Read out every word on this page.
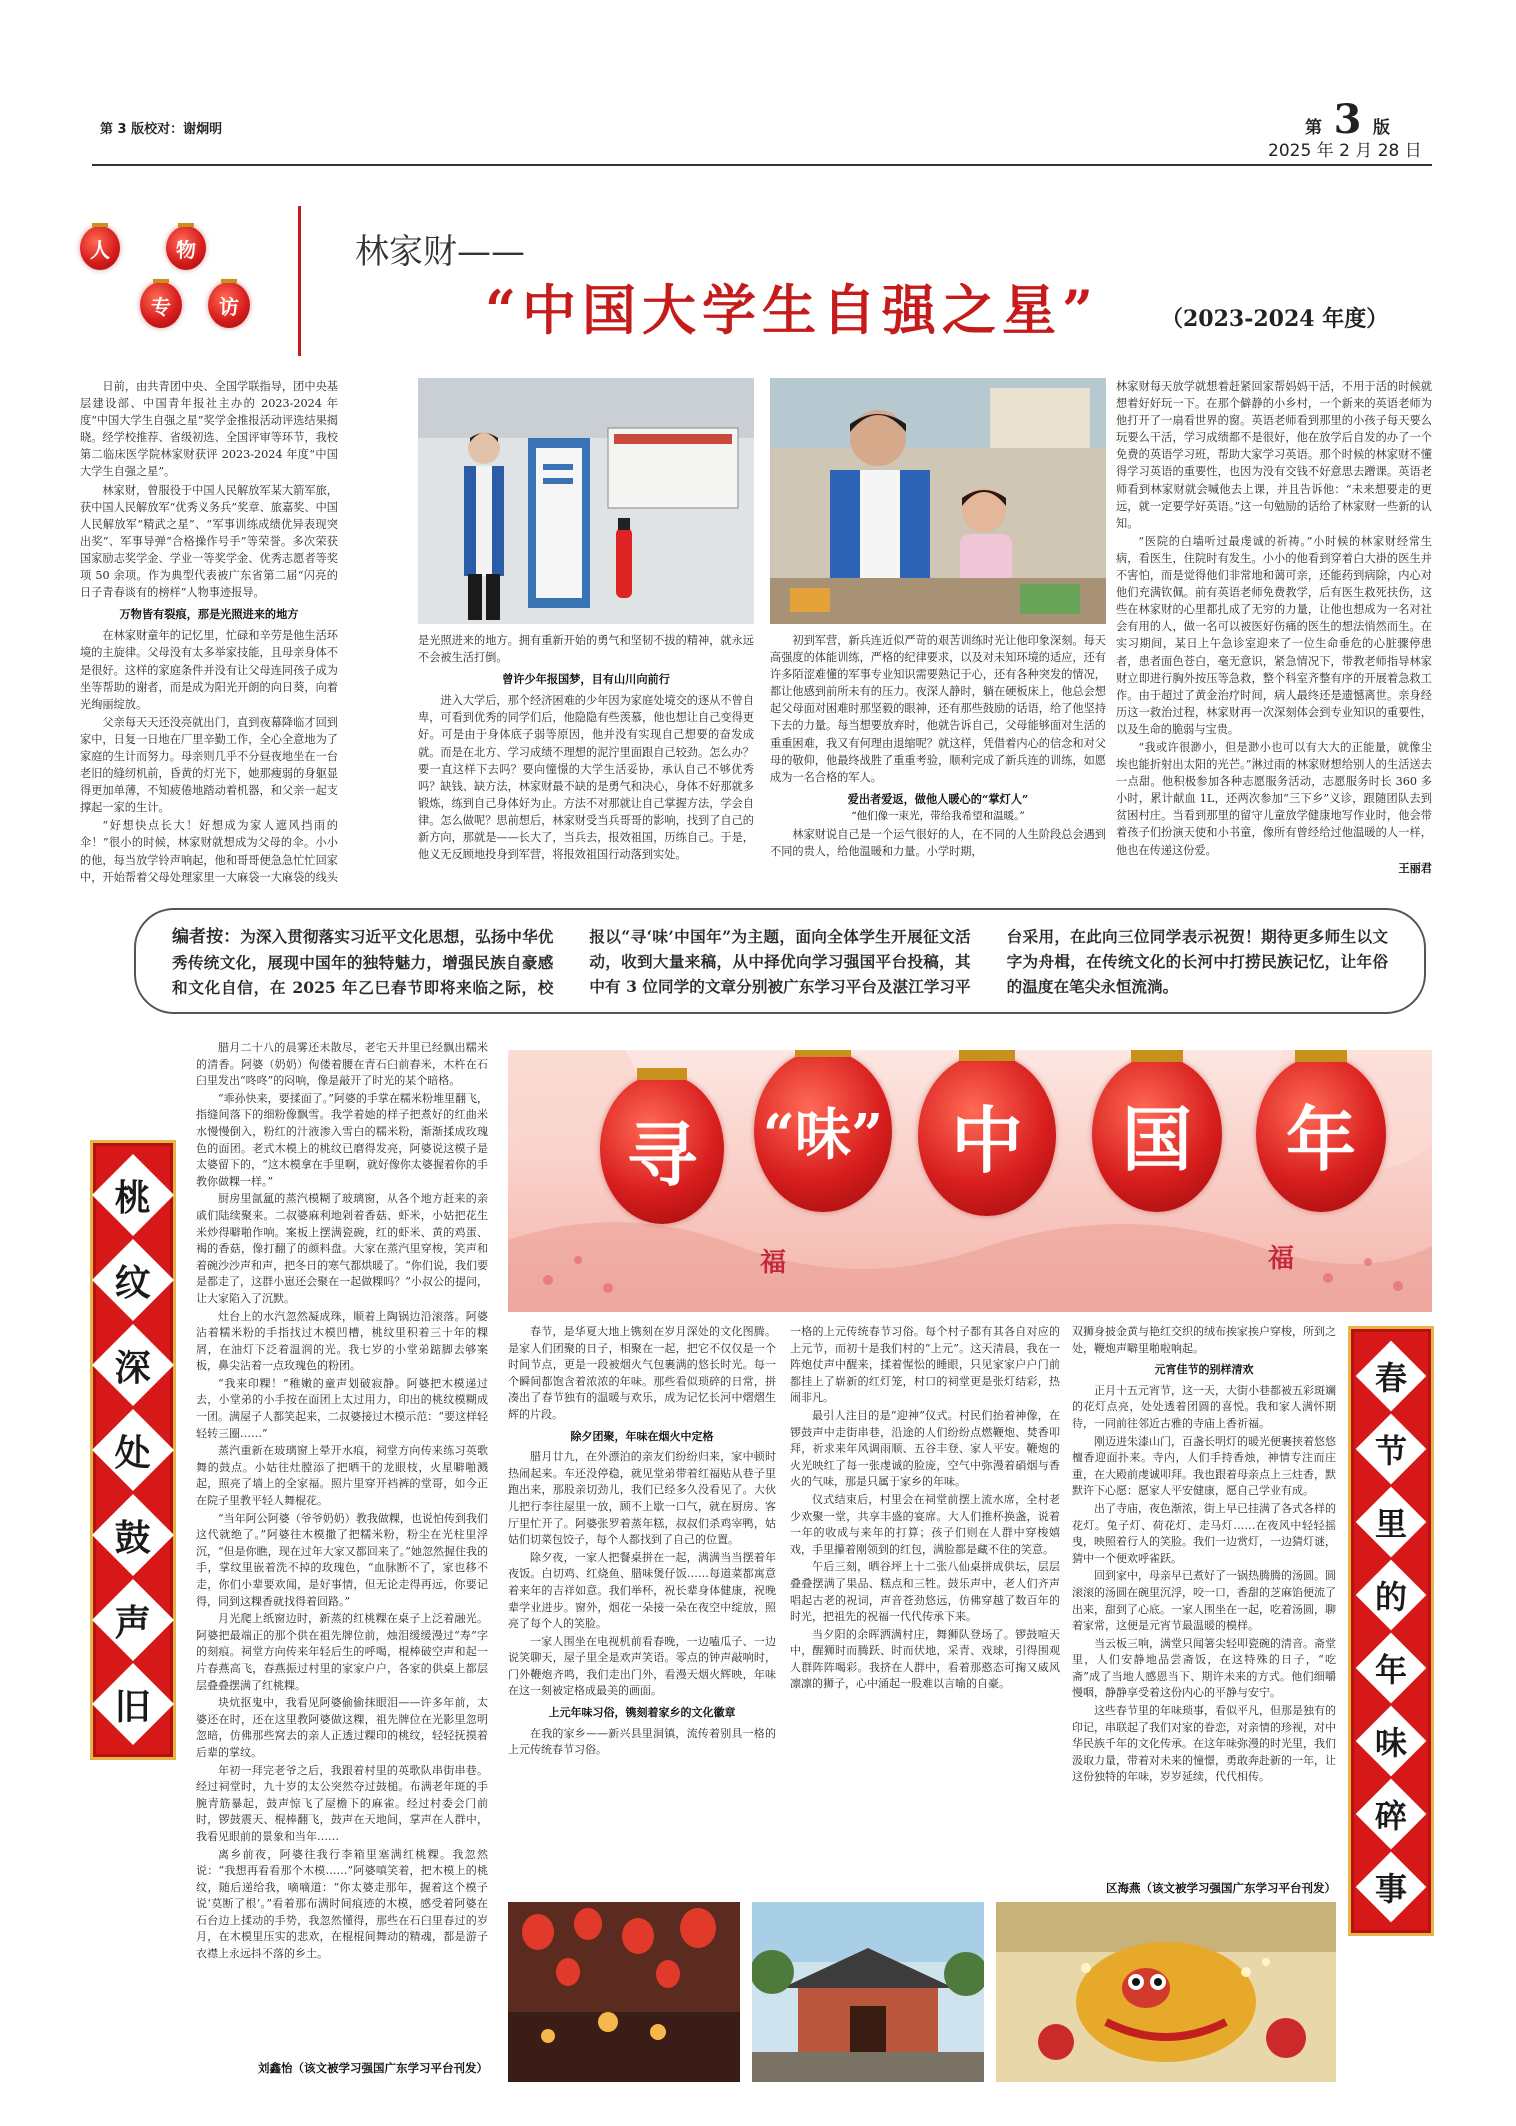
第 3 版校对：谢炯明	第 3 版
2025 年 2 月 28 日
人	物
专	访
林家财——
“中国大学生自强之星”	（2023-2024 年度）

日前，由共青团中央、全国学联指导，团中央基层建设部、中国青年报社主办的 2023-2024 年度“中国大学生自强之星”奖学金推报活动评选结果揭晓。经学校推荐、省级初选、全国评审等环节，我校第二临床医学院林家财获评 2023-2024 年度“中国大学生自强之星”。

林家财，曾服役于中国人民解放军某大箭军旅，获中国人民解放军“优秀义务兵”奖章、旅嘉奖、中国人民解放军“精武之星”、“军事训练成绩优异表现突出奖”、军事导弹“合格操作号手”等荣誉。多次荣获国家励志奖学金、学业一等奖学金、优秀志愿者等奖项 50 余项。作为典型代表被广东省第二届“闪亮的日子青春谈有的榜样”人物事迹报导。

万物皆有裂痕，那是光照进来的地方

在林家财童年的记忆里，忙碌和辛劳是他生活环境的主旋律。父母没有太多举家技能，且母亲身体不是很好。这样的家庭条件并没有让父母连同孩子成为坐等帮助的谢者，而是成为阳光开朗的向日葵，向着光绚丽绽放。

父亲每天天还没亮就出门，直到夜幕降临才回到家中，日复一日地在厂里辛勤工作，全心全意地为了家庭的生计而努力。母亲则几乎不分昼夜地坐在一台老旧的缝纫机前，昏黄的灯光下，她那瘦弱的身躯显得更加单薄，不知疲倦地踏动着机器，和父亲一起支撑起一家的生计。

“好想快点长大！好想成为家人遮风挡雨的伞！”很小的时候，林家财就想成为父母的伞。小小的他，每当放学铃声响起，他和哥哥便急急忙忙回家中，开始帮着父母处理家里一大麻袋一大麻袋的线头

是光照进来的地方。拥有重新开始的勇气和坚韧不拔的精神，就永远不会被生活打倒。

曾许少年报国梦，目有山川向前行

进入大学后，那个经济困难的少年因为家庭处境交的逐从不曾自卑，可看到优秀的同学们后，他隐隐有些羡慕，他也想让自己变得更好。可是由于身体底子弱等原因，他并没有实现自己想要的奋发成就。而是在北方、学习成绩不理想的泥泞里面跟自己较劲。怎么办？要一直这样下去吗？要向憧憬的大学生活妥协，承认自己不够优秀吗？缺钱、缺方法，林家财最不缺的是勇气和决心，身体不好那就多锻炼，练到自己身体好为止。方法不对那就让自己掌握方法，学会自律。怎么做呢？思前想后，林家财受当兵哥哥的影响，找到了自己的新方向，那就是——长大了，当兵去，报效祖国，历练自己。于是，他义无反顾地投身到军营，将报效祖国行动落到实处。

初到军营，新兵连近似严苛的艰苦训练时光让他印象深刻。每天高强度的体能训练，严格的纪律要求，以及对未知环境的适应，还有许多陌涩难懂的军事专业知识需要熟记于心，还有各种突发的情况，都让他感到前所未有的压力。夜深人静时，躺在硬板床上，他总会想起父母面对困难时那坚毅的眼神，还有那些鼓励的话语，给了他坚持下去的力量。每当想要放弃时，他就告诉自己，父母能够面对生活的重重困难，我又有何理由退缩呢？就这样，凭借着内心的信念和对父母的敬仰，他最终战胜了重重考验，顺利完成了新兵连的训练，如愿成为一名合格的军人。

爱出者爱返，做他人暖心的“掌灯人”

“他们像一束光，带给我希望和温暖。”

林家财说自己是一个运气很好的人，在不同的人生阶段总会遇到不同的贵人，给他温暖和力量。小学时期，

林家财每天放学就想着赶紧回家帮妈妈干活，不用于活的时候就想着好好玩一下。在那个僻静的小乡村，一个新来的英语老师为他打开了一扇看世界的窗。英语老师看到那里的小孩子每天要么玩要么干活，学习成绩都不是很好，他在放学后自发的办了一个免费的英语学习班，帮助大家学习英语。那个时候的林家财不懂得学习英语的重要性，也因为没有交钱不好意思去蹭课。英语老师看到林家财就会喊他去上课，并且告诉他：“未来想要走的更远，就一定要学好英语。”这一句勉励的话给了林家财一些新的认知。

“医院的白墙听过最虔诚的祈祷。”小时候的林家财经常生病，看医生，住院时有发生。小小的他看到穿着白大褂的医生并不害怕，而是觉得他们非常地和蔼可亲，还能药到病除，内心对他们充满钦佩。前有英语老师免费教学，后有医生救死扶伤，这些在林家财的心里都扎成了无穷的力量，让他也想成为一名对社会有用的人，做一名可以被医好伤痛的医生的想法悄然而生。在实习期间，某日上午急诊室迎来了一位生命垂危的心脏骤停患者，患者面色苍白，毫无意识，紧急情况下，带教老师指导林家财立即进行胸外按压等急救，整个科室齐整有序的开展着急救工作。由于超过了黄金治疗时间，病人最终还是遗憾离世。亲身经历这一救治过程，林家财再一次深刻体会到专业知识的重要性，以及生命的脆弱与宝贵。

“我或许很渺小，但是渺小也可以有大大的正能量，就像尘埃也能折射出太阳的光芒。”淋过雨的林家财想给别人的生活送去一点甜。他积极参加各种志愿服务活动，志愿服务时长 360 多小时，累计献血 1L，还两次参加“三下乡”义诊，跟随团队去到贫困村庄。当看到那里的留守儿童放学健康地写作业时，他会带着孩子们扮演天使和小书童，像所有曾经给过他温暖的人一样，他也在传递这份爱。

王丽君

编者按：为深入贯彻落实习近平文化思想，弘扬中华优秀传统文化，展现中国年的独特魅力，增强民族自豪感和文化自信，在 2025 年乙巳春节即将来临之际，校报以“寻‘味’中国年”为主题，面向全体学生开展征文活动，收到大量来稿，从中择优向学习强国平台投稿，其中有 3 位同学的文章分别被广东学习平台及湛江学习平台采用，在此向三位同学表示祝贺！期待更多师生以文字为舟楫，在传统文化的长河中打捞民族记忆，让年俗的温度在笔尖永恒流淌。
寻	“味” 中	国	年
福	福
桃
纹
深
处
鼓
声
旧
春
节
里
的
年
味
碎
事

腊月二十八的晨雾还未散尽，老宅天井里已经飘出糯米的清香。阿婆（奶奶）佝偻着腰在青石臼前舂米，木杵在石臼里发出“咚咚”的闷响，像是敲开了时光的某个暗格。

“乖孙快来，要揉面了。”阿婆的手掌在糯米粉堆里翻飞，指缝间落下的细粉像飘雪。我学着她的样子把煮好的红曲米水慢慢倒入，粉红的汁液渗入雪白的糯米粉，渐渐揉成玫瑰色的面团。老式木模上的桃纹已磨得发亮，阿婆说这模子是太婆留下的，“这木模拿在手里啊，就好像你太婆握着你的手教你做粿一样。”

厨房里氤氲的蒸汽模糊了玻璃窗，从各个地方赶来的亲戚们陆续聚来。二叔婆麻利地剁着香菇、虾米，小姑把花生米炒得噼啪作响。案板上摆满瓷碗，红的虾米、黄的鸡蛋、褐的香菇，像打翻了的颜料盘。大家在蒸汽里穿梭，笑声和着碗沙沙声和声，把冬日的寒气都烘暖了。“你们说，我们要是都走了，这群小崽还会聚在一起做粿吗？”小叔公的提问，让大家陷入了沉默。

灶台上的水汽忽然凝成珠，顺着上陶锅边沿滚落。阿婆沾着糯米粉的手指找过木模凹槽，桃纹里积着三十年的粿屑，在油灯下泛着温润的光。我七岁的小堂弟踮脚去够案板，鼻尖沾着一点玫瑰色的粉团。

“我来印粿！”稚嫩的童声划破寂静。阿婆把木模递过去，小堂弟的小手按在面团上太过用力，印出的桃纹模糊成一团。满屋子人都笑起来，二叔婆接过木模示范：“要这样轻轻转三圈……”

蒸汽重新在玻璃窗上晕开水痕，祠堂方向传来练习英歌舞的鼓点。小姑往灶膛添了把晒干的龙眼枝，火星噼啪溅起，照亮了墙上的全家福。照片里穿开裆裤的堂哥，如今正在院子里教平轻人舞棍花。

“当年阿公阿婆（爷爷奶奶）教我做粿，也说怕传到我们这代就绝了。”阿婆往木模撒了把糯米粉，粉尘在光柱里浮沉，“但是你瞧，现在过年大家又都回来了。”她忽然握住我的手，掌纹里嵌着洗不掉的玫瑰色，“血脉断不了，家也移不走，你们小辈要欢闻，是好事情，但无论走得再远，你要记得，同到这粿香就找得着回路。”

月光爬上纸窗边时，新蒸的红桃粿在桌子上泛着融光。阿婆把最端正的那个供在祖先牌位前，烛泪缓缓漫过“寿”字的刻痕。祠堂方向传来年轻后生的呼喝，棍棒破空声和起一片春燕高飞，春燕振过村里的家家户户，各家的供桌上都层层叠叠摆满了红桃粿。

块炕抠鬼中，我看见阿婆偷偷抹眼泪——许多年前，太婆还在时，还在这里教阿婆做这粿，祖先牌位在光影里忽明忽暗，仿佛那些窝去的亲人正透过粿印的桃纹，轻轻抚摸着后辈的掌纹。

年初一拜完老爷之后，我跟着村里的英歌队串街串巷。经过祠堂时，九十岁的太公突然夺过鼓槌。布满老年斑的手腕青筋暴起，鼓声惊飞了屋檐下的麻雀。经过村委会门前时，锣鼓震天、棍棒翻飞，鼓声在天地间，掌声在人群中，我看见眼前的景象和当年……

离乡前夜，阿婆往我行李箱里塞满红桃粿。我忽然说：“我想再看看那个木模……”阿婆嗔笑着，把木模上的桃纹，随后递给我，嘀嘀道：“你太婆走那年，握着这个模子说‘莫断了根’。”看着那布满时间痕迹的木模，感受着阿婆在石台边上揉动的手势，我忽然懂得，那些在石臼里春过的岁月，在木模里压实的悲欢，在棍棍间舞动的精魂，都是游子衣襟上永远抖不落的乡土。

刘鑫怡（该文被学习强国广东学习平台刊发）

春节，是华夏大地上镌刻在岁月深处的文化图腾。是家人们团聚的日子，相聚在一起，把它不仅仅是一个时间节点，更是一段被烟火气包裹满的悠长时光。每一个瞬间都饱含着浓浓的年味。那些看似琐碎的日常，拼凑出了春节独有的温暖与欢乐，成为记忆长河中熠熠生辉的片段。

除夕团聚，年味在烟火中定格

腊月廿九，在外漂泊的亲友们纷纷归来，家中顿时热闹起来。车还没停稳，就见堂弟带着红福贴从巷子里跑出来，那股亲切劲儿，我们已经多久没看见了。大伙儿把行李往屋里一放，顾不上歇一口气，就在厨房、客厅里忙开了。阿婆张罗着蒸年糕，叔叔们杀鸡宰鸭，姑姑们切菜包饺子，每个人都找到了自己的位置。

除夕夜，一家人把餐桌拼在一起，满满当当摆着年夜饭。白切鸡、红烧鱼、腊味煲仔饭……每道菜都寓意着来年的吉祥如意。我们举杯，祝长辈身体健康，祝晚辈学业进步。窗外，烟花一朵接一朵在夜空中绽放，照亮了每个人的笑脸。

一家人围坐在电视机前看春晚，一边嗑瓜子、一边说笑聊天，屋子里全是欢声笑语。零点的钟声敲响时，门外鞭炮齐鸣，我们走出门外，看漫天烟火辉映，年味在这一刻被定格成最美的画面。

上元年味习俗，镌刻着家乡的文化徽章

在我的家乡——新兴县里洞镇，流传着别具一格的上元传统春节习俗。

一格的上元传统春节习俗。每个村子都有其各自对应的上元节，而初十是我们村的“上元”。这天清晨，我在一阵炮仗声中醒来，揉着惺忪的睡眼，只见家家户户门前都挂上了崭新的红灯笼，村口的祠堂更是张灯结彩，热闹非凡。

最引人注目的是“迎神”仪式。村民们抬着神像，在锣鼓声中走街串巷，沿途的人们纷纷点燃鞭炮、焚香叩拜，祈求来年风调雨顺、五谷丰登、家人平安。鞭炮的火光映红了每一张虔诚的脸庞，空气中弥漫着硝烟与香火的气味，那是只属于家乡的年味。

仪式结束后，村里会在祠堂前摆上流水席，全村老少欢聚一堂，共享丰盛的宴席。大人们推杯换盏，说着一年的收成与来年的打算；孩子们则在人群中穿梭嬉戏，手里攥着刚领到的红包，满脸都是藏不住的笑意。

午后三刻，晒谷坪上十二张八仙桌拼成供坛，层层叠叠摆满了果品、糕点和三牲。鼓乐声中，老人们齐声唱起古老的祝词，声音苍劲悠远，仿佛穿越了数百年的时光，把祖先的祝福一代代传承下来。

当夕阳的余晖洒满村庄，舞狮队登场了。锣鼓喧天中，醒狮时而腾跃、时而伏地，采青、戏球，引得围观人群阵阵喝彩。我挤在人群中，看着那憨态可掬又威风凛凛的狮子，心中涌起一股难以言喻的自豪。

双狮身披金黄与艳红交织的绒布挨家挨户穿梭，所到之处，鞭炮声噼里啪啦响起。

元宵佳节的别样清欢

正月十五元宵节，这一天，大街小巷都被五彩斑斓的花灯点亮，处处透着团圆的喜悦。我和家人满怀期待，一同前往邻近古雅的寺庙上香祈福。

刚迈进朱漆山门，百盏长明灯的暖光便裹挟着悠悠檀香迎面扑来。寺内，人们手持香烛，神情专注而庄重，在大殿前虔诚叩拜。我也跟着母亲点上三炷香，默默许下心愿：愿家人平安健康，愿自己学业有成。

出了寺庙，夜色渐浓，街上早已挂满了各式各样的花灯。兔子灯、荷花灯、走马灯……在夜风中轻轻摇曳，映照着行人的笑脸。我们一边赏灯，一边猜灯谜，猜中一个便欢呼雀跃。

回到家中，母亲早已煮好了一锅热腾腾的汤圆。圆滚滚的汤圆在碗里沉浮，咬一口，香甜的芝麻馅便流了出来，甜到了心底。一家人围坐在一起，吃着汤圆，聊着家常，这便是元宵节最温暖的模样。

当云板三响，满堂只闻箸尖轻叩瓷碗的清音。斋堂里，人们安静地品尝斋饭，在这特殊的日子，“吃斋”成了当地人感恩当下、期许未来的方式。他们细嚼慢咽，静静享受着这份内心的平静与安宁。

这些春节里的年味琐事，看似平凡，但那是独有的印记，串联起了我们对家的眷恋，对亲情的珍视，对中华民族千年的文化传承。在这年味弥漫的时光里，我们汲取力量，带着对未来的憧憬，勇敢奔赴新的一年，让这份独特的年味，岁岁延续，代代相传。

区海燕（该文被学习强国广东学习平台刊发）
